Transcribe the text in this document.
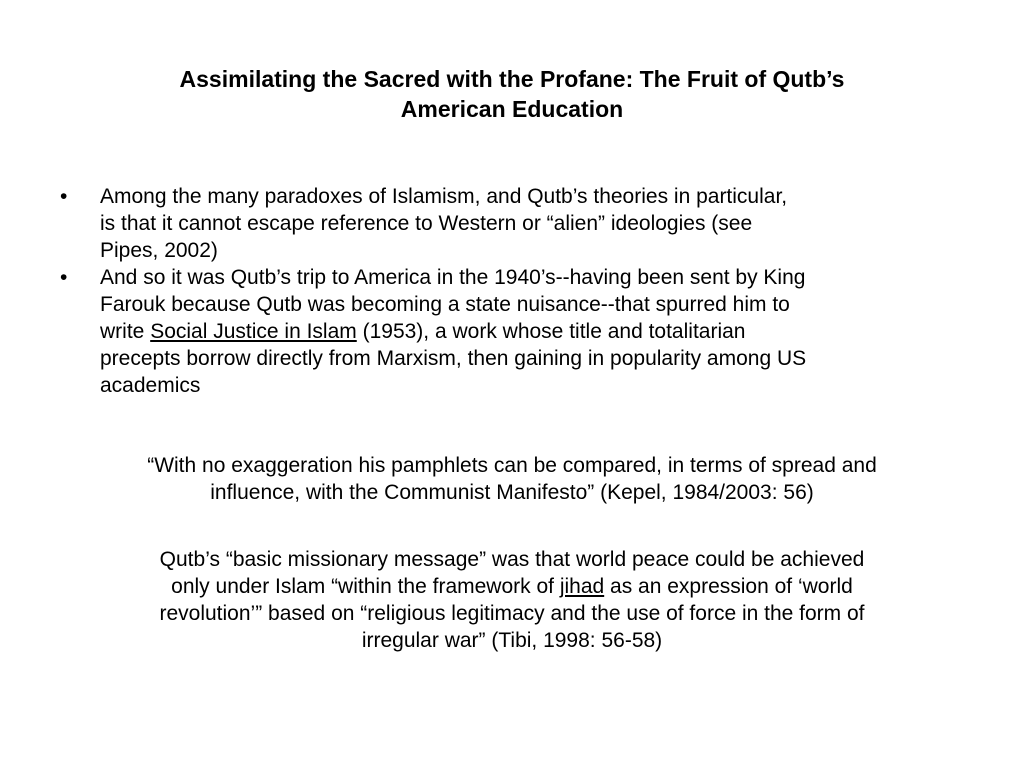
Assimilating the Sacred with the Profane: The Fruit of Qutb’s
American Education
• Among the many paradoxes of Islamism, and Qutb’s theories in particular,
is that it cannot escape reference to Western or “alien” ideologies (see
Pipes, 2002)
• And so it was Qutb’s trip to America in the 1940’s--having been sent by King
Farouk because Qutb was becoming a state nuisance--that spurred him to
write Social Justice in Islam (1953), a work whose title and totalitarian
precepts borrow directly from Marxism, then gaining in popularity among US
academics

“With no exaggeration his pamphlets can be compared, in terms of spread and
influence, with the Communist Manifesto” (Kepel, 1984/2003: 56)

Qutb’s “basic missionary message” was that world peace could be achieved
only under Islam “within the framework of jihad as an expression of ‘world
revolution’” based on “religious legitimacy and the use of force in the form of
irregular war” (Tibi, 1998: 56-58)
